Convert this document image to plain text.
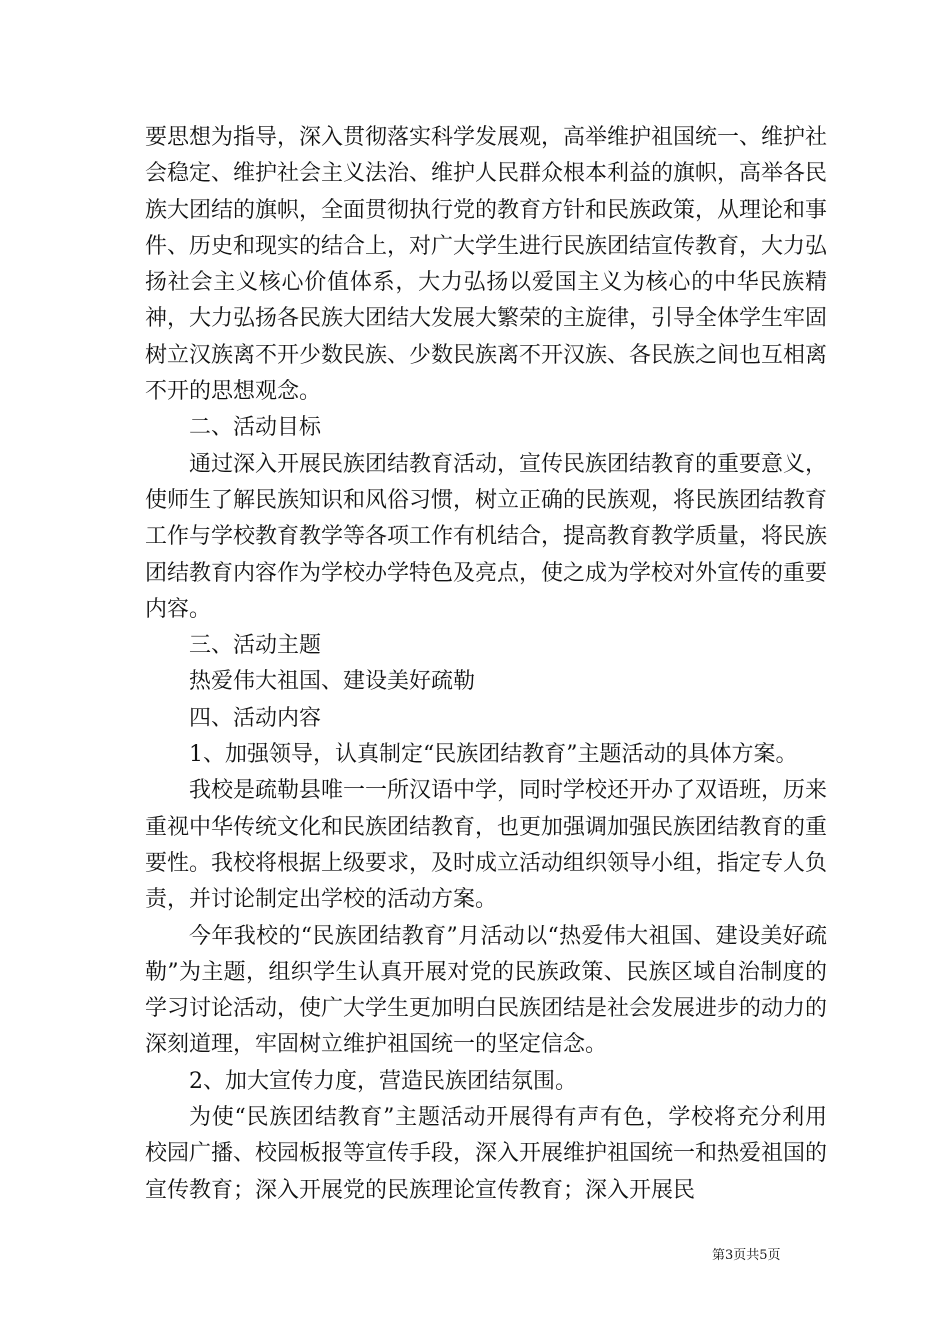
要思想为指导，深入贯彻落实科学发展观，高举维护祖国统一、维护社会稳定、维护社会主义法治、维护人民群众根本利益的旗帜，高举各民族大团结的旗帜，全面贯彻执行党的教育方针和民族政策，从理论和事件、历史和现实的结合上，对广大学生进行民族团结宣传教育，大力弘扬社会主义核心价值体系，大力弘扬以爱国主义为核心的中华民族精神，大力弘扬各民族大团结大发展大繁荣的主旋律，引导全体学生牢固树立汉族离不开少数民族、少数民族离不开汉族、各民族之间也互相离不开的思想观念。

二、活动目标

通过深入开展民族团结教育活动，宣传民族团结教育的重要意义，使师生了解民族知识和风俗习惯，树立正确的民族观，将民族团结教育工作与学校教育教学等各项工作有机结合，提高教育教学质量，将民族团结教育内容作为学校办学特色及亮点，使之成为学校对外宣传的重要内容。

三、活动主题

热爱伟大祖国、建设美好疏勒

四、活动内容

1、加强领导，认真制定“民族团结教育”主题活动的具体方案。

我校是疏勒县唯一一所汉语中学，同时学校还开办了双语班，历来重视中华传统文化和民族团结教育，也更加强调加强民族团结教育的重要性。我校将根据上级要求，及时成立活动组织领导小组，指定专人负责，并讨论制定出学校的活动方案。

今年我校的“民族团结教育”月活动以“热爱伟大祖国、建设美好疏勒”为主题，组织学生认真开展对党的民族政策、民族区域自治制度的学习讨论活动，使广大学生更加明白民族团结是社会发展进步的动力的深刻道理，牢固树立维护祖国统一的坚定信念。

2、加大宣传力度，营造民族团结氛围。

为使“民族团结教育”主题活动开展得有声有色，学校将充分利用校园广播、校园板报等宣传手段，深入开展维护祖国统一和热爱祖国的宣传教育；深入开展党的民族理论宣传教育；深入开展民

第3页共5页
